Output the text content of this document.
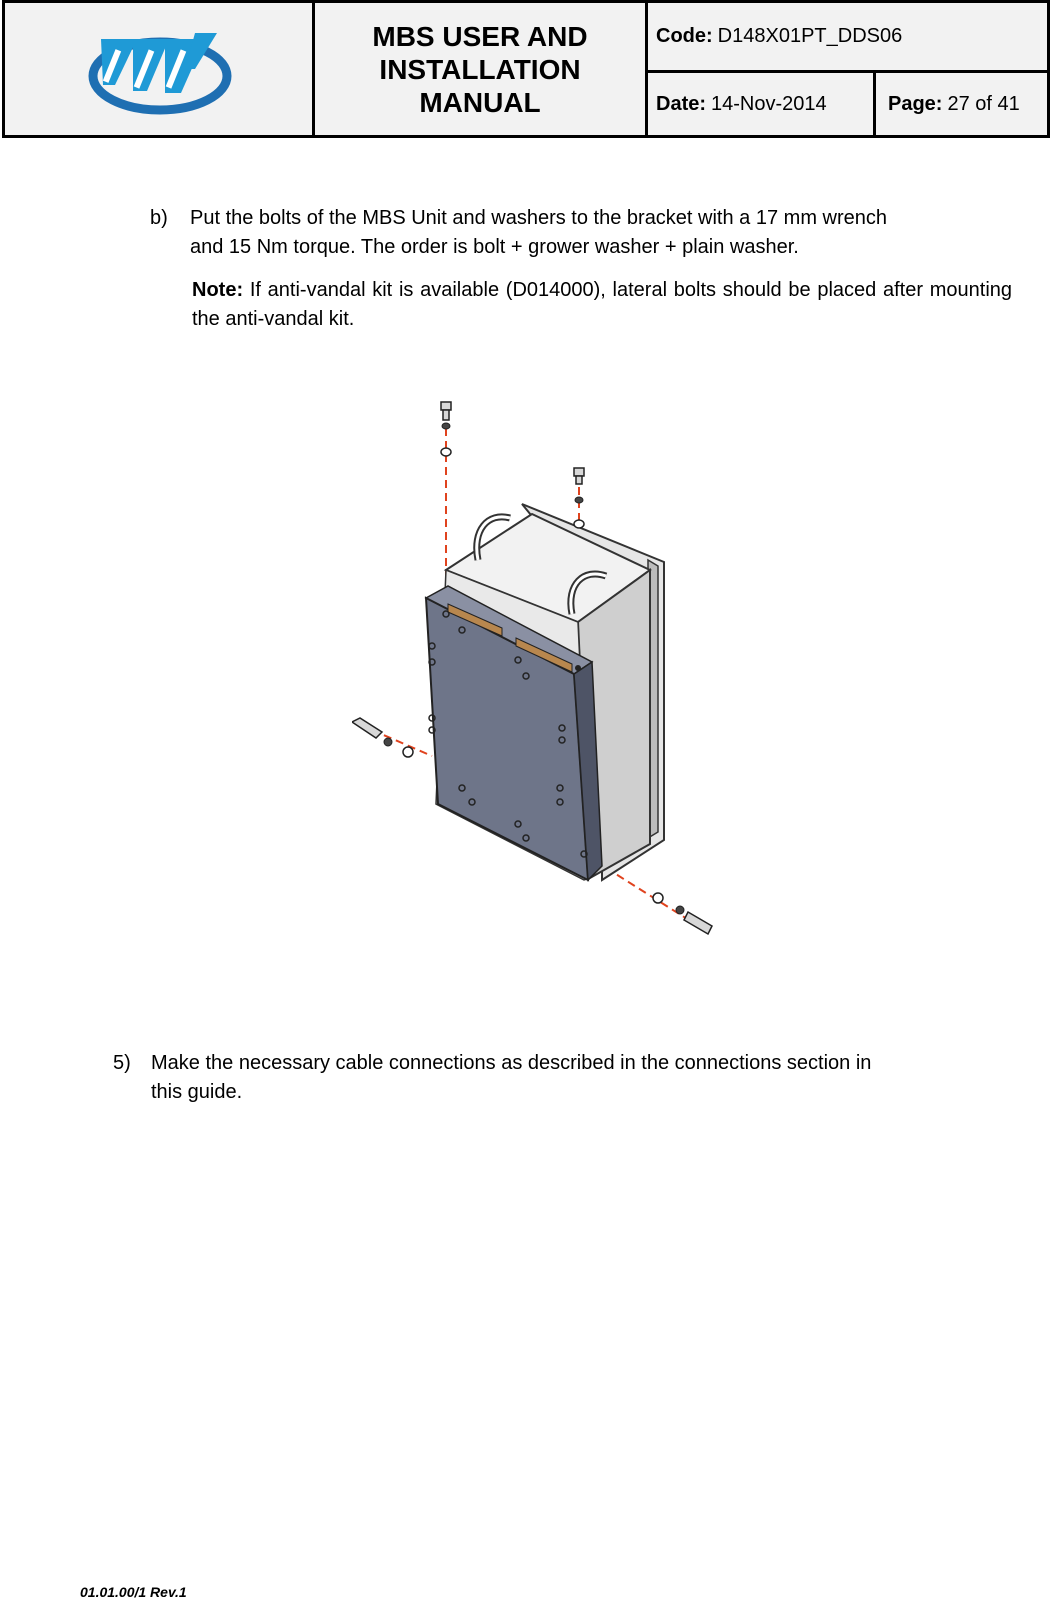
MBS USER AND INSTALLATION MANUAL
Code: D148X01PT_DDS06
Date: 14-Nov-2014	Page: 27 of 41
b) Put the bolts of the MBS Unit and washers to the bracket with a 17 mm wrench
and 15 Nm torque. The order is bolt + grower washer + plain washer.
Note: If anti-vandal kit is available (D014000), lateral bolts should be placed after mounting the anti-vandal kit.
5) Make the necessary cable connections as described in the connections section in
this guide.
01.01.00/1 Rev.1
